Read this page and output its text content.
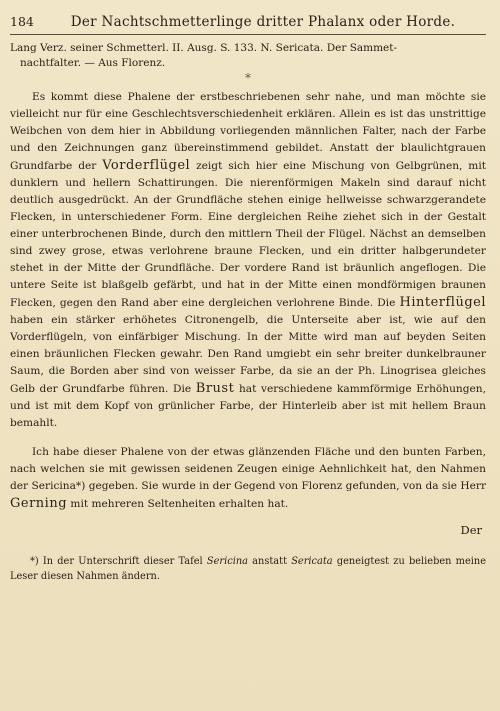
184	Der Nachtschmetterlinge dritter Phalanx oder Horde.
Lang Verz. seiner Schmetterl. II. Ausg. S. 133. N. Sericata. Der Sammet-
nachtfalter. — Aus Florenz.
*

Es kommt diese Phalene der erstbeschriebenen sehr nahe, und man möchte sie vielleicht nur für eine Geschlechtsverschiedenheit erklären. Allein es ist das unstrittige Weibchen von dem hier in Abbildung vorliegenden männlichen Falter, nach der Farbe und den Zeichnungen ganz übereinstimmend gebildet. Anstatt der blaulichtgrauen Grundfarbe der Vorderflügel zeigt sich hier eine Mischung von Gelbgrünen, mit dunklern und hellern Schattirungen. Die nierenförmigen Makeln sind darauf nicht deutlich ausgedrückt. An der Grundfläche stehen einige hellweisse schwarzgerandete Flecken, in unterschiedener Form. Eine dergleichen Reihe ziehet sich in der Gestalt einer unterbrochenen Binde, durch den mittlern Theil der Flügel. Nächst an demselben sind zwey grose, etwas verlohrene braune Flecken, und ein dritter halbgerundeter stehet in der Mitte der Grundfläche. Der vordere Rand ist bräunlich angeflogen. Die untere Seite ist blaßgelb gefärbt, und hat in der Mitte einen mondförmigen braunen Flecken, gegen den Rand aber eine dergleichen verlohrene Binde. Die Hinterflügel haben ein stärker erhöhetes Citronengelb, die Unterseite aber ist, wie auf den Vorderflügeln, von einfärbiger Mischung. In der Mitte wird man auf beyden Seiten einen bräunlichen Flecken gewahr. Den Rand umgiebt ein sehr breiter dunkelbrauner Saum, die Borden aber sind von weisser Farbe, da sie an der Ph. Linogrisea gleiches Gelb der Grundfarbe führen. Die Brust hat verschiedene kammförmige Erhöhungen, und ist mit dem Kopf von grünlicher Farbe, der Hinterleib aber ist mit hellem Braun bemahlt.

Ich habe dieser Phalene von der etwas glänzenden Fläche und den bunten Farben, nach welchen sie mit gewissen seidenen Zeugen einige Aehnlichkeit hat, den Nahmen der Sericina*) gegeben. Sie wurde in der Gegend von Florenz gefunden, von da sie Herr Gerning mit mehreren Seltenheiten erhalten hat.

Der

*) In der Unterschrift dieser Tafel Sericina anstatt Sericata geneigtest zu belieben meine Leser diesen Nahmen ändern.
